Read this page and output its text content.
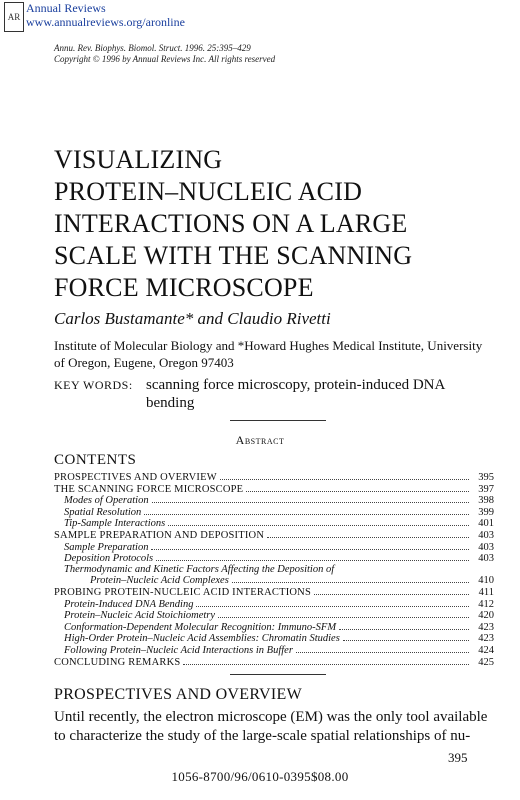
AR
Annual Reviews
www.annualreviews.org/aronline
Annu. Rev. Biophys. Biomol. Struct. 1996. 25:395–429
Copyright © 1996 by Annual Reviews Inc. All rights reserved
VISUALIZING
PROTEIN–NUCLEIC ACID
INTERACTIONS ON A LARGE
SCALE WITH THE SCANNING
FORCE MICROSCOPE
Carlos Bustamante* and Claudio Rivetti
Institute of Molecular Biology and *Howard Hughes Medical Institute, University of Oregon, Eugene, Oregon 97403
KEY WORDS: scanning force microscopy, protein-induced DNA bending
Abstract
CONTENTS
PROSPECTIVES AND OVERVIEW	395
THE SCANNING FORCE MICROSCOPE	397
Modes of Operation	398
Spatial Resolution	399
Tip-Sample Interactions	401
SAMPLE PREPARATION AND DEPOSITION	403
Sample Preparation	403
Deposition Protocols	403
Thermodynamic and Kinetic Factors Affecting the Deposition of
Protein–Nucleic Acid Complexes	410
PROBING PROTEIN-NUCLEIC ACID INTERACTIONS	411
Protein-Induced DNA Bending	412
Protein–Nucleic Acid Stoichiometry	420
Conformation-Dependent Molecular Recognition: Immuno-SFM	423
High-Order Protein–Nucleic Acid Assemblies: Chromatin Studies	423
Following Protein–Nucleic Acid Interactions in Buffer	424
CONCLUDING REMARKS	425
PROSPECTIVES AND OVERVIEW
Until recently, the electron microscope (EM) was the only tool available
to characterize the study of the large-scale spatial relationships of nu-
395
1056-8700/96/0610-0395$08.00
